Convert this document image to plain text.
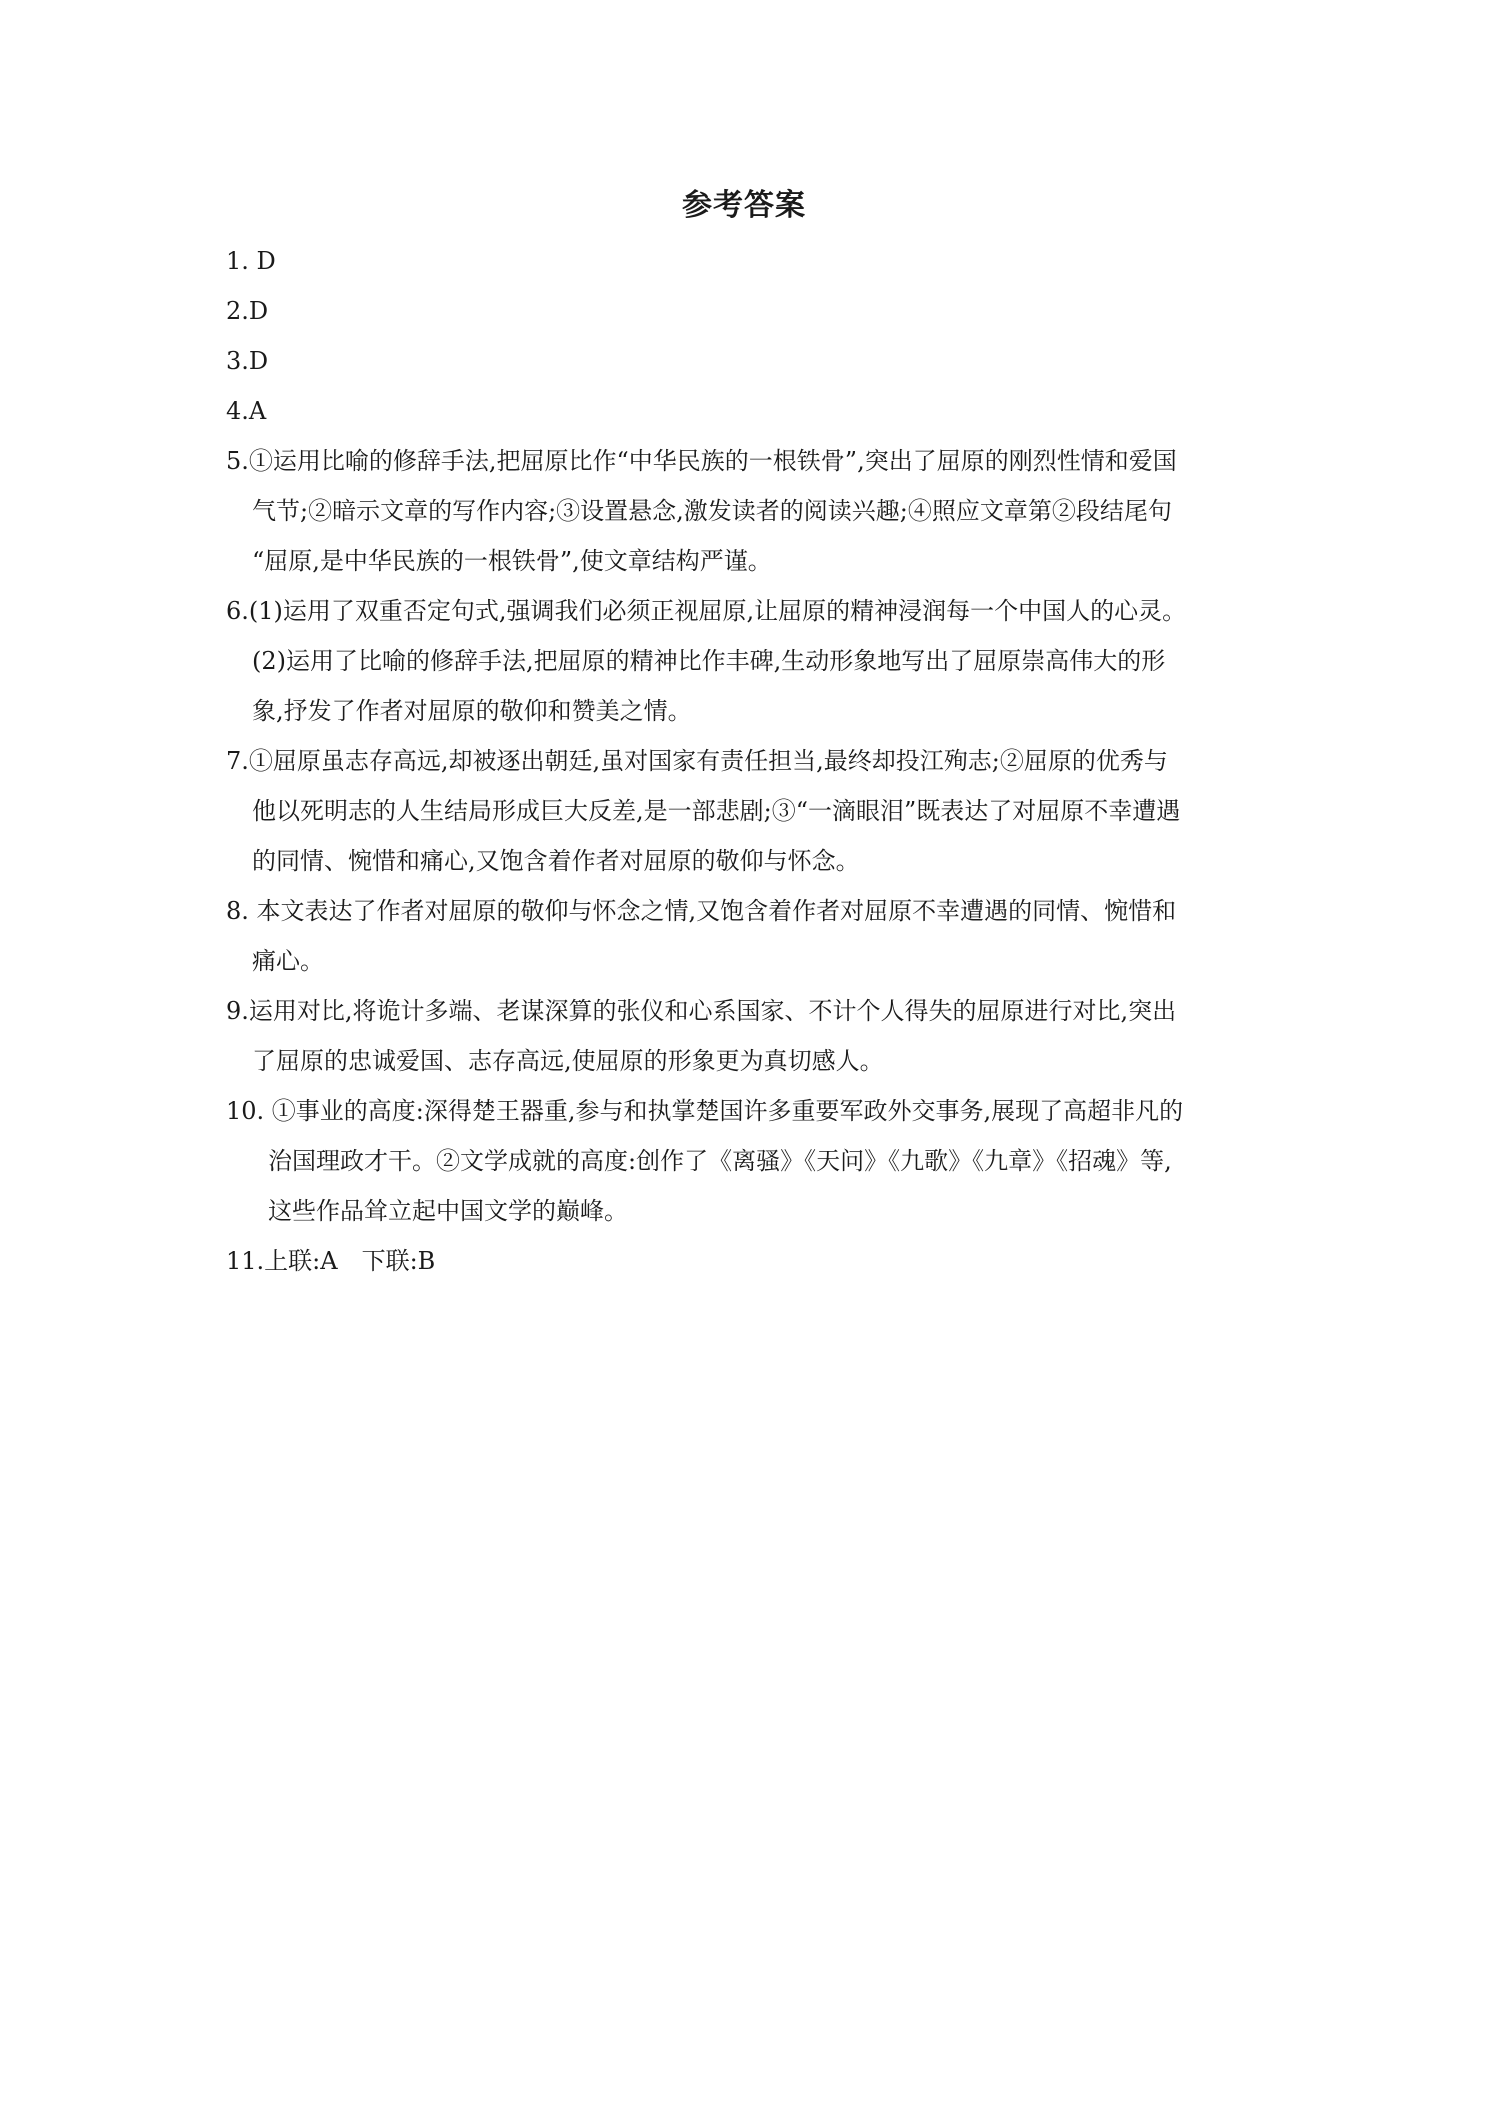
参考答案
1. D
2.D
3.D
4.A
5.①运用比喻的修辞手法,把屈原比作“中华民族的一根铁骨”,突出了屈原的刚烈性情和爱国
气节;②暗示文章的写作内容;③设置悬念,激发读者的阅读兴趣;④照应文章第②段结尾句
“屈原,是中华民族的一根铁骨”,使文章结构严谨。
6.(1)运用了双重否定句式,强调我们必须正视屈原,让屈原的精神浸润每一个中国人的心灵。
(2)运用了比喻的修辞手法,把屈原的精神比作丰碑,生动形象地写出了屈原崇高伟大的形
象,抒发了作者对屈原的敬仰和赞美之情。
7.①屈原虽志存高远,却被逐出朝廷,虽对国家有责任担当,最终却投江殉志;②屈原的优秀与
他以死明志的人生结局形成巨大反差,是一部悲剧;③“一滴眼泪”既表达了对屈原不幸遭遇
的同情、惋惜和痛心,又饱含着作者对屈原的敬仰与怀念。
8. 本文表达了作者对屈原的敬仰与怀念之情,又饱含着作者对屈原不幸遭遇的同情、惋惜和
痛心。
9.运用对比,将诡计多端、老谋深算的张仪和心系国家、不计个人得失的屈原进行对比,突出
了屈原的忠诚爱国、志存高远,使屈原的形象更为真切感人。
10. ①事业的高度:深得楚王器重,参与和执掌楚国许多重要军政外交事务,展现了高超非凡的
治国理政才干。②文学成就的高度:创作了《离骚》《天问》《九歌》《九章》《招魂》等,
这些作品耸立起中国文学的巅峰。
11.上联:A　下联:B
